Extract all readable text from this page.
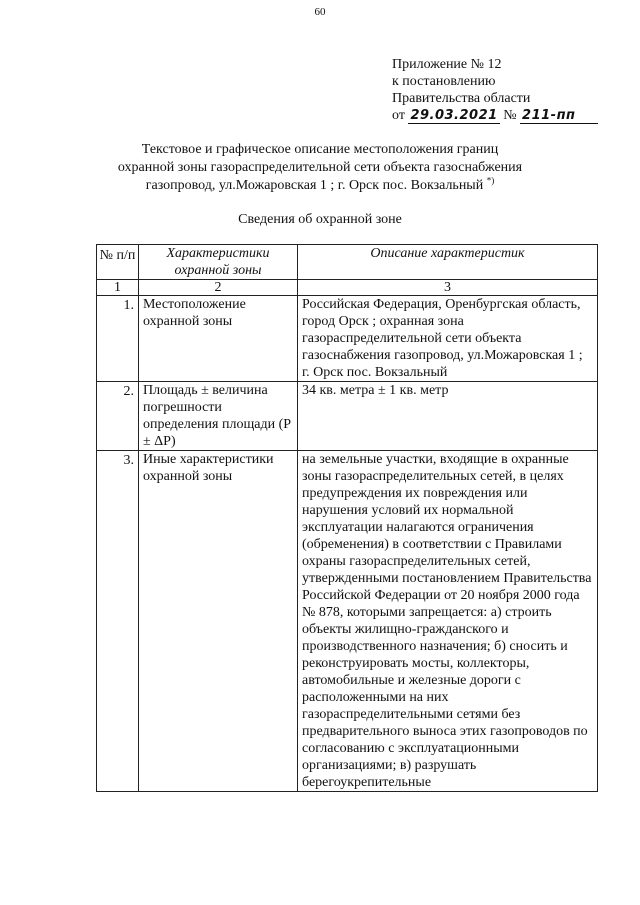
60
Приложение № 12
к постановлению
Правительства области
от 29.03.2021 № 211-пп
Текстовое и графическое описание местоположения границ
охранной зоны газораспределительной сети объекта газоснабжения
газопровод, ул.Можаровская 1 ; г. Орск пос. Вокзальный *)
Сведения об охранной зоне
№ п/п	Характеристики охранной зоны	Описание характеристик
1	2	3
1.	Местоположение охранной зоны	Российская Федерация, Оренбургская область, город Орск ; охранная зона газораспределительной сети объекта газоснабжения газопровод, ул.Можаровская 1 ; г. Орск пос. Вокзальный
2.	Площадь ± величина погрешности определения площади (P ± ΔP)	34 кв. метра ± 1 кв. метр
3.	Иные характеристики охранной зоны	на земельные участки, входящие в охранные зоны газораспределительных сетей, в целях предупреждения их повреждения или нарушения условий их нормальной эксплуатации налагаются ограничения (обременения) в соответствии с Правилами охраны газораспределительных сетей, утвержденными постановлением Правительства Российской Федерации от 20 ноября 2000 года № 878, которыми запрещается: а) строить объекты жилищно-гражданского и производственного назначения; б) сносить и реконструировать мосты, коллекторы, автомобильные и железные дороги с расположенными на них газораспределительными сетями без предварительного выноса этих газопроводов по согласованию с эксплуатационными организациями; в) разрушать берегоукрепительные
